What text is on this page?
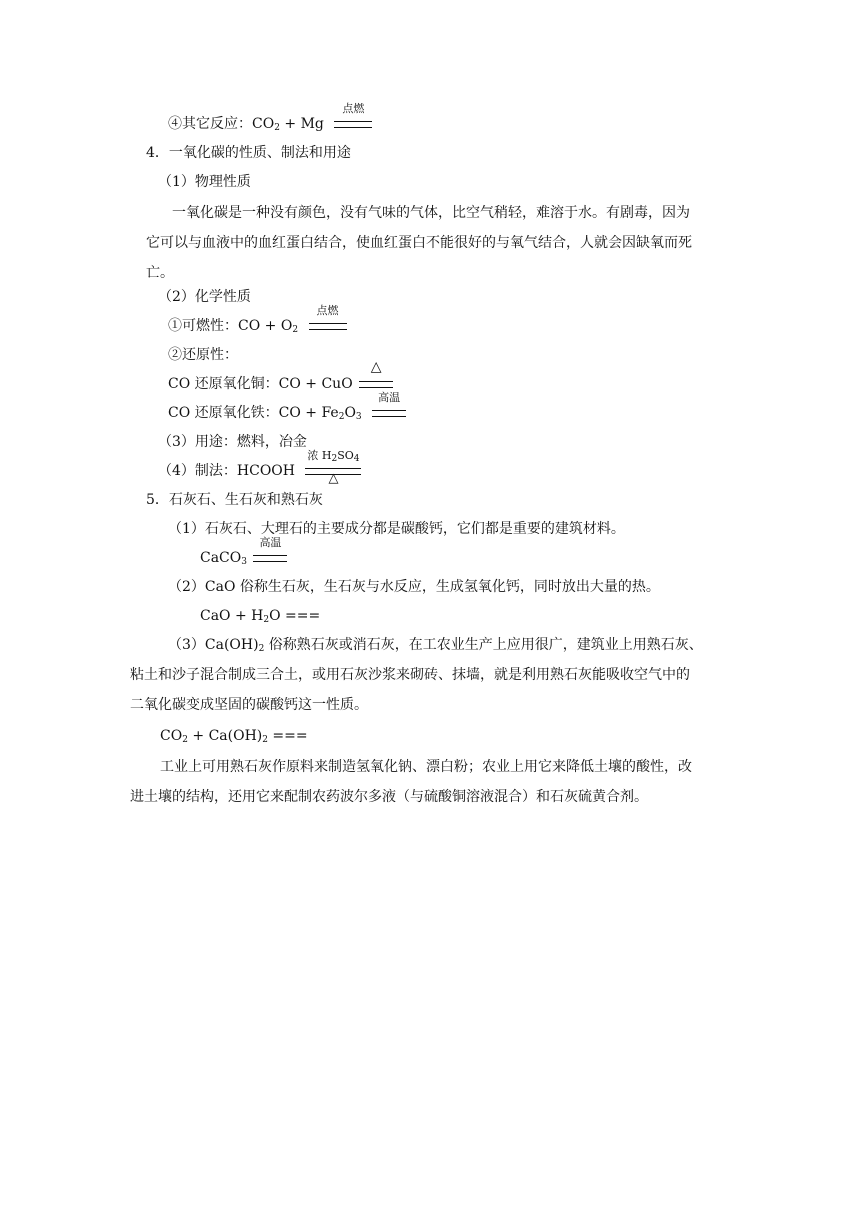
④其它反应：$CO_2 + Mg$
点燃
4．一氧化碳的性质、制法和用途
（1）物理性质
一氧化碳是一种没有颜色，没有气味的气体，比空气稍轻，难溶于水。有剧毒，因为
它可以与血液中的血红蛋白结合，使血红蛋白不能很好的与氧气结合，人就会因缺氧而死
亡。
（2）化学性质
①可燃性：CO + $O_2$
点燃
②还原性：
CO 还原氧化铜：CO + CuO
△
CO 还原氧化铁：CO + $Fe_2O_3$
高温
（3）用途：燃料，冶金
（4）制法：HCOOH
浓 $H_2SO_4$
△
5．石灰石、生石灰和熟石灰
（1）石灰石、大理石的主要成分都是碳酸钙，它们都是重要的建筑材料。
CaCO$_3$
高温
（2）CaO 俗称生石灰，生石灰与水反应，生成氢氧化钙，同时放出大量的热。
CaO + $H_2O$ ===
$(3)Ca(OH)_2$ 俗称熟石灰或消石灰，在工农业生产上应用很广，建筑业上用熟石灰、
粘土和沙子混合制成三合土，或用石灰沙浆来砌砖、抹墙，就是利用熟石灰能吸收空气中的
二氧化碳变成坚固的碳酸钙这一性质。
$CO_2 + Ca(OH)_2$ ===
工业上可用熟石灰作原料来制造氢氧化钠、漂白粉；农业上用它来降低土壤的酸性，改
进土壤的结构，还用它来配制农药波尔多液（与硫酸铜溶液混合）和石灰硫黄合剂。
